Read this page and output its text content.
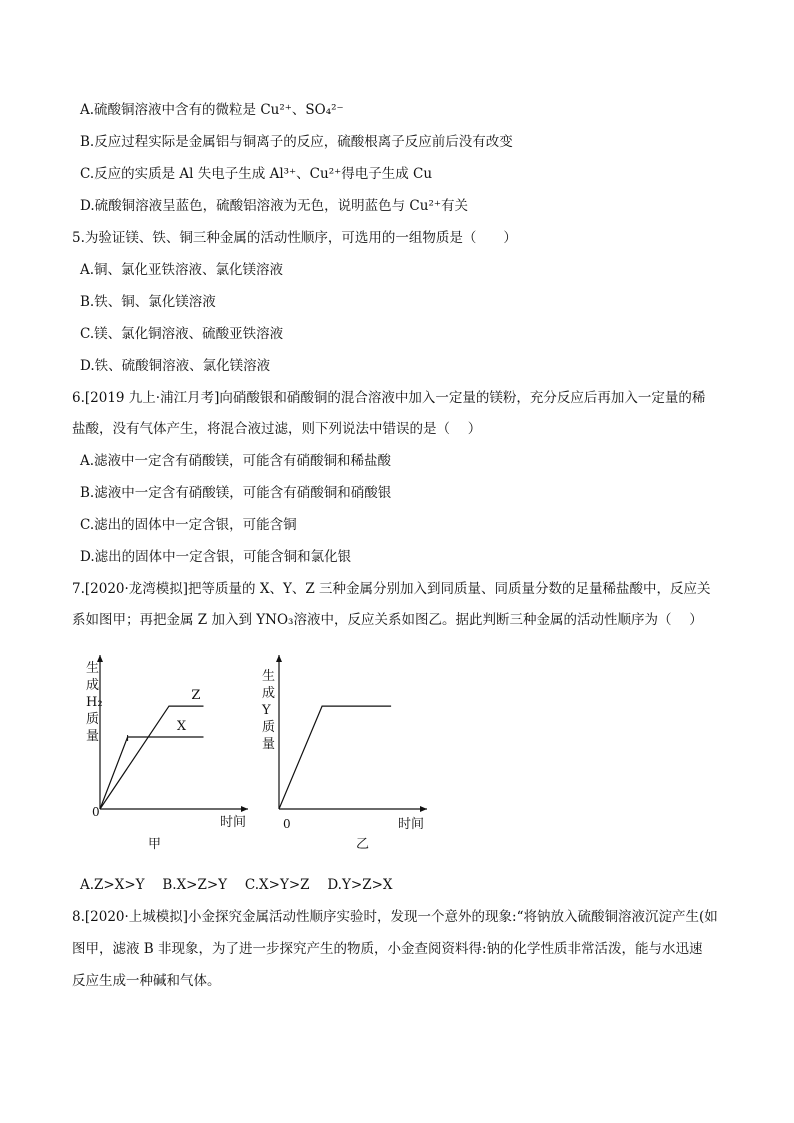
A.硫酸铜溶液中含有的微粒是 Cu²⁺、SO₄²⁻
B.反应过程实际是金属铝与铜离子的反应，硫酸根离子反应前后没有改变
C.反应的实质是 Al 失电子生成 Al³⁺、Cu²⁺得电子生成 Cu
D.硫酸铜溶液呈蓝色，硫酸铝溶液为无色，说明蓝色与 Cu²⁺有关
5.为验证镁、铁、铜三种金属的活动性顺序，可选用的一组物质是（　　）
A.铜、氯化亚铁溶液、氯化镁溶液
B.铁、铜、氯化镁溶液
C.镁、氯化铜溶液、硫酸亚铁溶液
D.铁、硫酸铜溶液、氯化镁溶液
6.[2019 九上·浦江月考]向硝酸银和硝酸铜的混合溶液中加入一定量的镁粉，充分反应后再加入一定量的稀
盐酸，没有气体产生，将混合液过滤，则下列说法中错误的是（　 ）
A.滤液中一定含有硝酸镁，可能含有硝酸铜和稀盐酸
B.滤液中一定含有硝酸镁，可能含有硝酸铜和硝酸银
C.滤出的固体中一定含银，可能含铜
D.滤出的固体中一定含银，可能含铜和氯化银
7.[2020·龙湾模拟]把等质量的 X、Y、Z 三种金属分别加入到同质量、同质量分数的足量稀盐酸中，反应关
系如图甲；再把金属 Z 加入到 YNO₃溶液中，反应关系如图乙。据此判断三种金属的活动性顺序为（　 ）
Z
X
生
成
H₂
质
量
时间
0
甲
生
成
Y
质
量
时间
0
乙
A.Z>X>Y　 B.X>Z>Y　 C.X>Y>Z　 D.Y>Z>X
8.[2020·上城模拟]小金探究金属活动性顺序实验时，发现一个意外的现象:“将钠放入硫酸铜溶液沉淀产生(如
图甲，滤液 B 非现象，为了进一步探究产生的物质，小金查阅资料得:钠的化学性质非常活泼，能与水迅速
反应生成一种碱和气体。
